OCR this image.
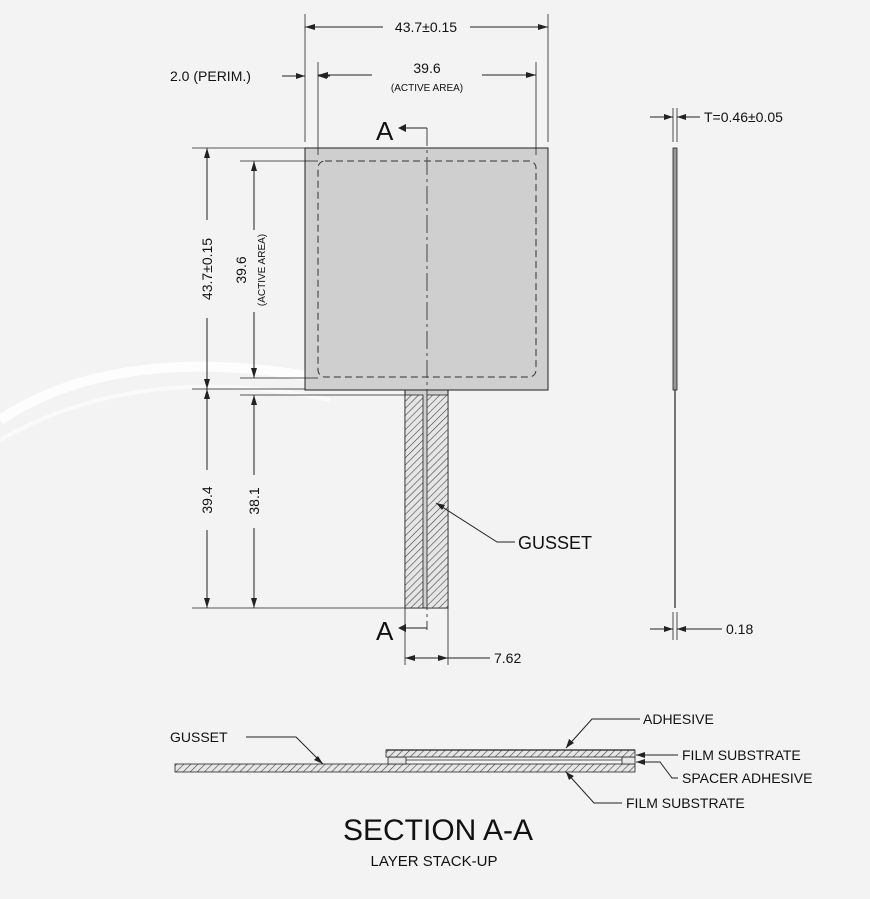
A
A
43.7±0.15
39.6
(ACTIVE AREA)
2.0 (PERIM.)
43.7±0.15 39.6 (ACTIVE AREA)
39.4 38.1
7.62
GUSSET
T=0.46±0.05
0.18
GUSSET
ADHESIVE
FILM SUBSTRATE
SPACER ADHESIVE
FILM SUBSTRATE
SECTION A-A
LAYER STACK-UP
